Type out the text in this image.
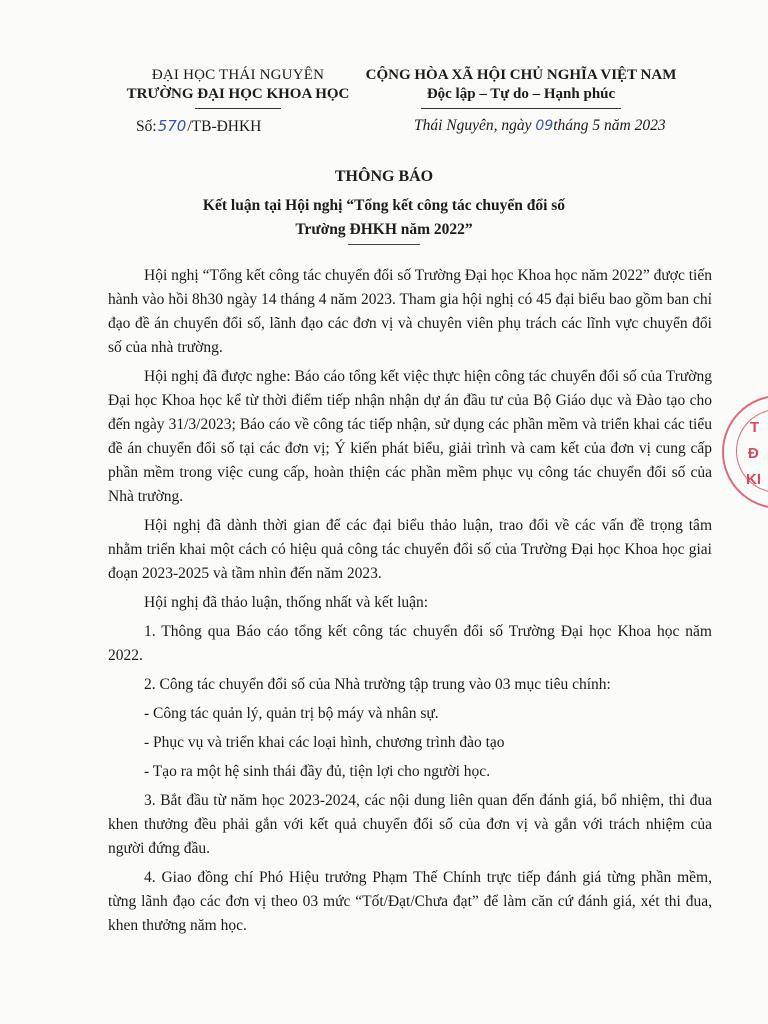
ĐẠI HỌC THÁI NGUYÊN
TRƯỜNG ĐẠI HỌC KHOA HỌC
CỘNG HÒA XÃ HỘI CHỦ NGHĨA VIỆT NAM
Độc lập – Tự do – Hạnh phúc
Số:570/TB-ĐHKH	Thái Nguyên, ngày 09tháng 5 năm 2023
THÔNG BÁO
Kết luận tại Hội nghị “Tổng kết công tác chuyển đổi số
Trường ĐHKH năm 2022”

Hội nghị “Tổng kết công tác chuyển đổi số Trường Đại học Khoa học năm 2022” được tiến hành vào hồi 8h30 ngày 14 tháng 4 năm 2023. Tham gia hội nghị có 45 đại biểu bao gồm ban chỉ đạo đề án chuyển đổi số, lãnh đạo các đơn vị và chuyên viên phụ trách các lĩnh vực chuyển đổi số của nhà trường.

Hội nghị đã được nghe: Báo cáo tổng kết việc thực hiện công tác chuyển đổi số của Trường Đại học Khoa học kể từ thời điểm tiếp nhận nhận dự án đầu tư của Bộ Giáo dục và Đào tạo cho đến ngày 31/3/2023; Báo cáo về công tác tiếp nhận, sử dụng các phần mềm và triển khai các tiểu đề án chuyển đổi số tại các đơn vị; Ý kiến phát biểu, giải trình và cam kết của đơn vị cung cấp phần mềm trong việc cung cấp, hoàn thiện các phần mềm phục vụ công tác chuyển đổi số của Nhà trường.

Hội nghị đã dành thời gian để các đại biểu thảo luận, trao đổi về các vấn đề trọng tâm nhằm triển khai một cách có hiệu quả công tác chuyển đổi số của Trường Đại học Khoa học giai đoạn 2023-2025 và tầm nhìn đến năm 2023.

Hội nghị đã thảo luận, thống nhất và kết luận:

1. Thông qua Báo cáo tổng kết công tác chuyển đổi số Trường Đại học Khoa học năm 2022.

2. Công tác chuyển đổi số của Nhà trường tập trung vào 03 mục tiêu chính:

- Công tác quản lý, quản trị bộ máy và nhân sự.

- Phục vụ và triển khai các loại hình, chương trình đào tạo

- Tạo ra một hệ sinh thái đầy đủ, tiện lợi cho người học.

3. Bắt đầu từ năm học 2023-2024, các nội dung liên quan đến đánh giá, bổ nhiệm, thi đua khen thưởng đều phải gắn với kết quả chuyển đổi số của đơn vị và gắn với trách nhiệm của người đứng đầu.

4. Giao đồng chí Phó Hiệu trưởng Phạm Thế Chính trực tiếp đánh giá từng phần mềm, từng lãnh đạo các đơn vị theo 03 mức “Tốt/Đạt/Chưa đạt” để làm căn cứ đánh giá, xét thi đua, khen thưởng năm học.

T
Đ
KI
